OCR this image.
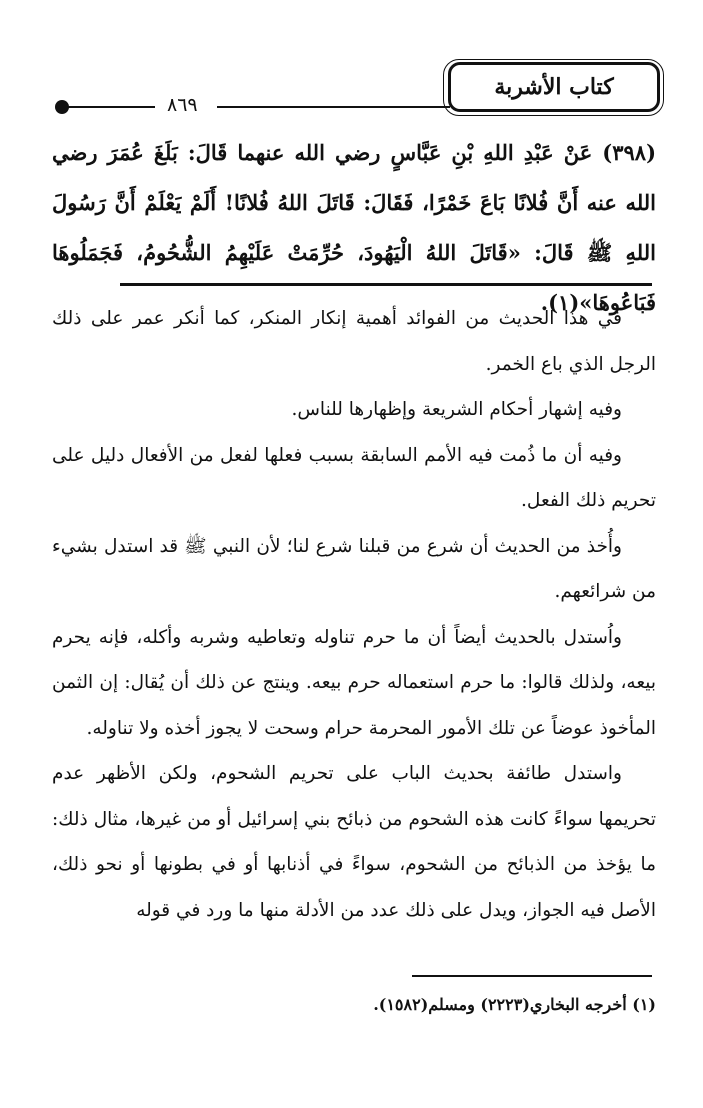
كتاب الأشربة
٨٦٩
(٣٩٨) عَنْ عَبْدِ اللهِ بْنِ عَبَّاسٍ رضي الله عنهما قَالَ: بَلَغَ عُمَرَ رضي الله عنه أَنَّ فُلانًا بَاعَ خَمْرًا، فَقَالَ: قَاتَلَ اللهُ فُلانًا! أَلَمْ يَعْلَمْ أَنَّ رَسُولَ اللهِ ﷺ قَالَ: «قَاتَلَ اللهُ الْيَهُودَ، حُرِّمَتْ عَلَيْهِمُ الشُّحُومُ، فَجَمَلُوهَا فَبَاعُوهَا»(١).

في هذا الحديث من الفوائد أهمية إنكار المنكر، كما أنكر عمر على ذلك الرجل الذي باع الخمر.

وفيه إشهار أحكام الشريعة وإظهارها للناس.

وفيه أن ما ذُمت فيه الأمم السابقة بسبب فعلها لفعل من الأفعال دليل على تحريم ذلك الفعل.

وأُخذ من الحديث أن شرع من قبلنا شرع لنا؛ لأن النبي ﷺ قد استدل بشيء من شرائعهم.

واُستدل بالحديث أيضاً أن ما حرم تناوله وتعاطيه وشربه وأكله، فإنه يحرم بيعه، ولذلك قالوا: ما حرم استعماله حرم بيعه. وينتج عن ذلك أن يُقال: إن الثمن المأخوذ عوضاً عن تلك الأمور المحرمة حرام وسحت لا يجوز أخذه ولا تناوله.

واستدل طائفة بحديث الباب على تحريم الشحوم، ولكن الأظهر عدم تحريمها سواءً كانت هذه الشحوم من ذبائح بني إسرائيل أو من غيرها، مثال ذلك: ما يؤخذ من الذبائح من الشحوم، سواءً في أذنابها أو في بطونها أو نحو ذلك، الأصل فيه الجواز، ويدل على ذلك عدد من الأدلة منها ما ورد في قوله

(١) أخرجه البخاري(٢٢٢٣) ومسلم(١٥٨٢).
